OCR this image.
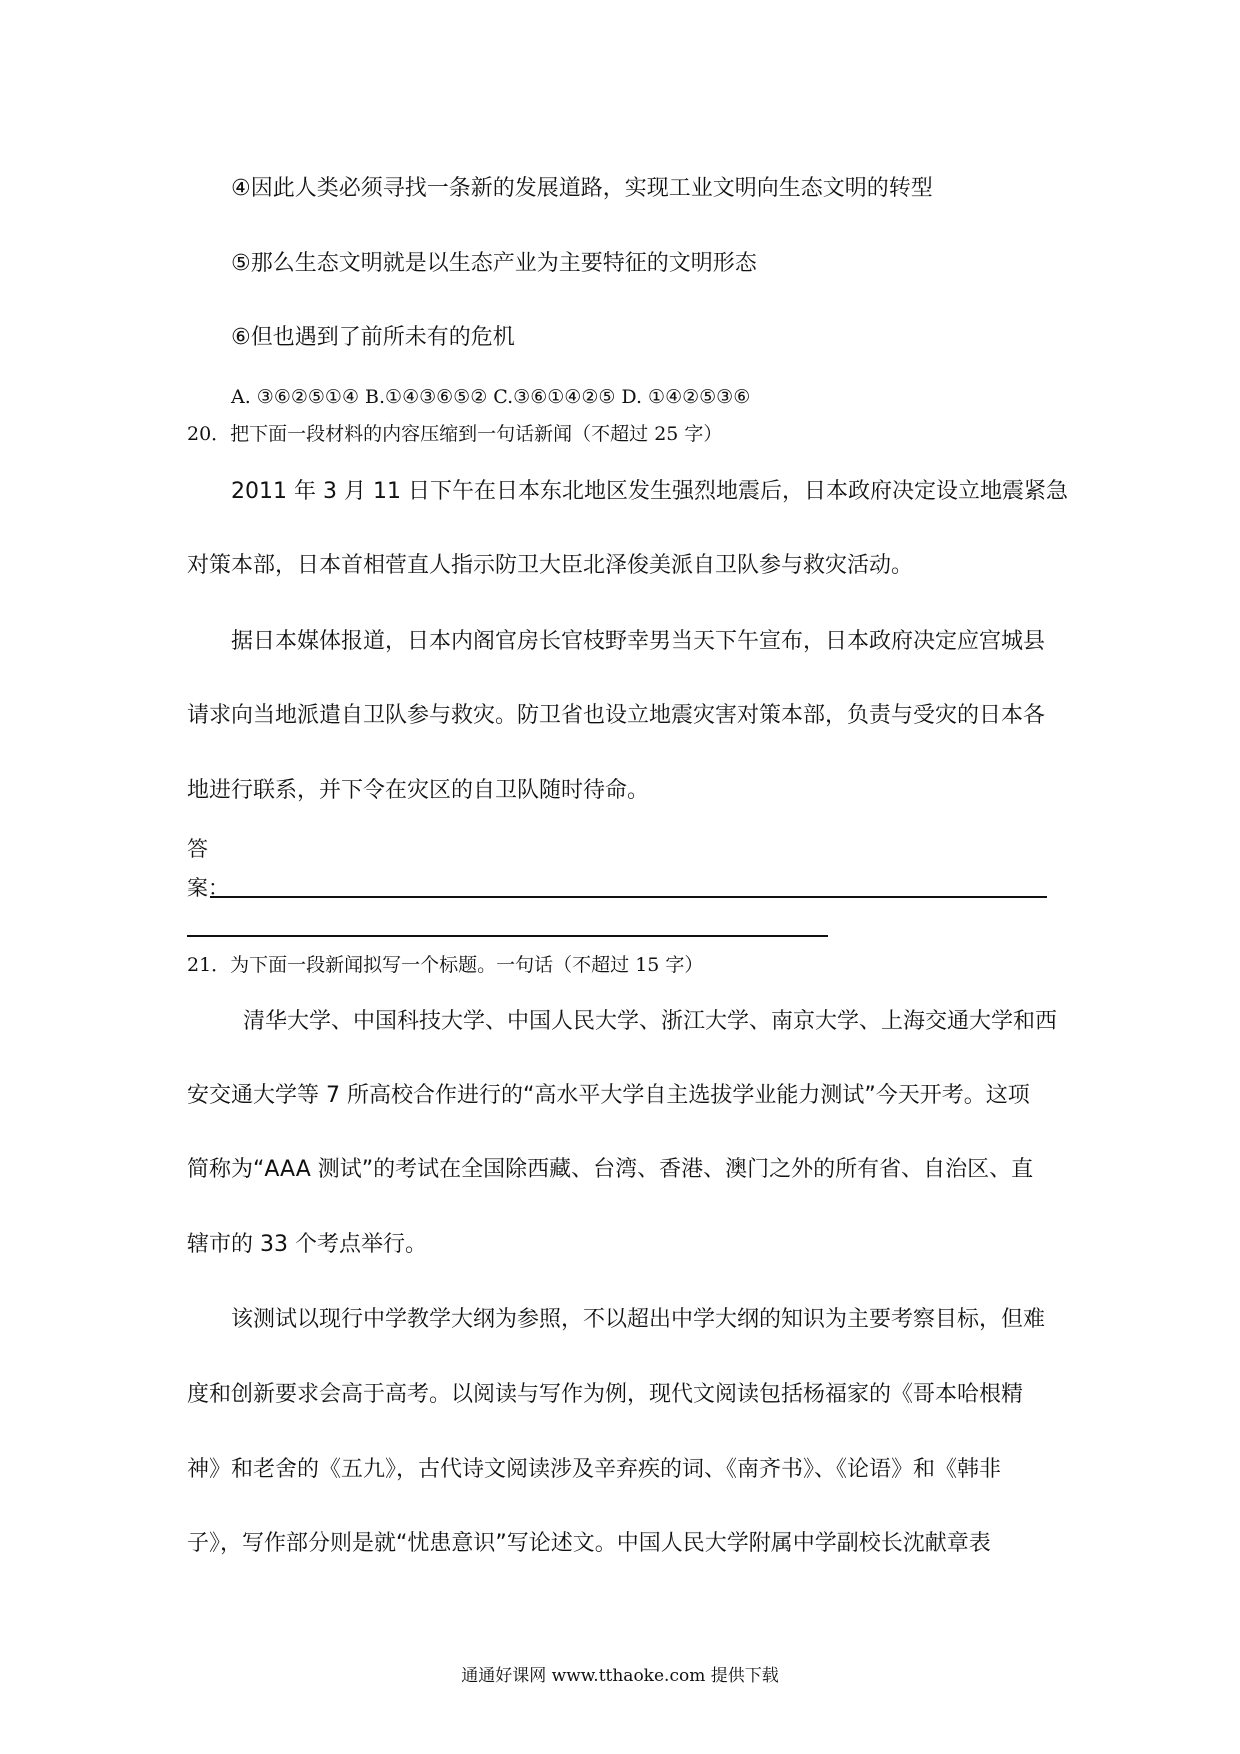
④因此人类必须寻找一条新的发展道路，实现工业文明向生态文明的转型
⑤那么生态文明就是以生态产业为主要特征的文明形态
⑥但也遇到了前所未有的危机
A. ③⑥②⑤①④ B.①④③⑥⑤② C.③⑥①④②⑤ D. ①④②⑤③⑥
20．把下面一段材料的内容压缩到一句话新闻（不超过 25 字）
2011 年 3 月 11 日下午在日本东北地区发生强烈地震后，日本政府决定设立地震紧急
对策本部，日本首相菅直人指示防卫大臣北泽俊美派自卫队参与救灾活动。
据日本媒体报道，日本内阁官房长官枝野幸男当天下午宣布，日本政府决定应宫城县
请求向当地派遣自卫队参与救灾。防卫省也设立地震灾害对策本部，负责与受灾的日本各
地进行联系，并下令在灾区的自卫队随时待命。
答
案：
21．为下面一段新闻拟写一个标题。一句话（不超过 15 字）
清华大学、中国科技大学、中国人民大学、浙江大学、南京大学、上海交通大学和西
安交通大学等 7 所高校合作进行的“高水平大学自主选拔学业能力测试”今天开考。这项
简称为“AAA 测试”的考试在全国除西藏、台湾、香港、澳门之外的所有省、自治区、直
辖市的 33 个考点举行。
该测试以现行中学教学大纲为参照，不以超出中学大纲的知识为主要考察目标，但难
度和创新要求会高于高考。以阅读与写作为例，现代文阅读包括杨福家的《哥本哈根精
神》和老舍的《五九》，古代诗文阅读涉及辛弃疾的词、《南齐书》、《论语》和《韩非
子》，写作部分则是就“忧患意识”写论述文。中国人民大学附属中学副校长沈献章表
通通好课网 www.tthaoke.com 提供下载
